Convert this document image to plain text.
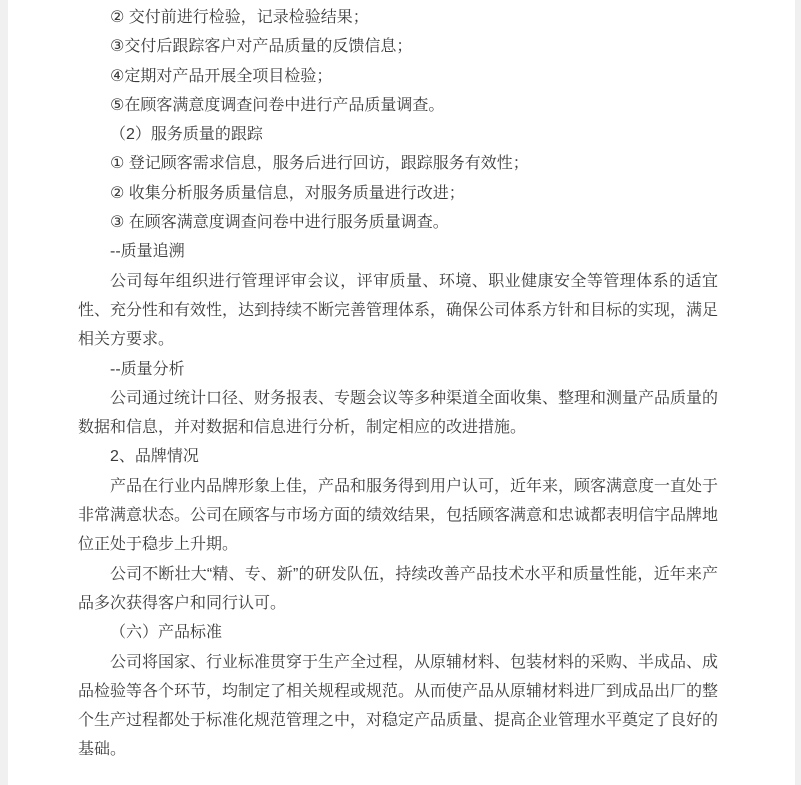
② 交付前进行检验，记录检验结果；

③交付后跟踪客户对产品质量的反馈信息；

④定期对产品开展全项目检验；

⑤在顾客满意度调查问卷中进行产品质量调查。

（2）服务质量的跟踪

① 登记顾客需求信息，服务后进行回访，跟踪服务有效性；

② 收集分析服务质量信息，对服务质量进行改进；

③ 在顾客满意度调查问卷中进行服务质量调查。

--质量追溯

公司每年组织进行管理评审会议，评审质量、环境、职业健康安全等管理体系的适宜性、充分性和有效性，达到持续不断完善管理体系，确保公司体系方针和目标的实现，满足相关方要求。

--质量分析

公司通过统计口径、财务报表、专题会议等多种渠道全面收集、整理和测量产品质量的数据和信息，并对数据和信息进行分析，制定相应的改进措施。

2、品牌情况

产品在行业内品牌形象上佳，产品和服务得到用户认可，近年来，顾客满意度一直处于非常满意状态。公司在顾客与市场方面的绩效结果，包括顾客满意和忠诚都表明信宇品牌地位正处于稳步上升期。

公司不断壮大“精、专、新”的研发队伍，持续改善产品技术水平和质量性能，近年来产品多次获得客户和同行认可。

（六）产品标准

公司将国家、行业标准贯穿于生产全过程，从原辅材料、包装材料的采购、半成品、成品检验等各个环节，均制定了相关规程或规范。从而使产品从原辅材料进厂到成品出厂的整个生产过程都处于标准化规范管理之中，对稳定产品质量、提高企业管理水平奠定了良好的基础。
